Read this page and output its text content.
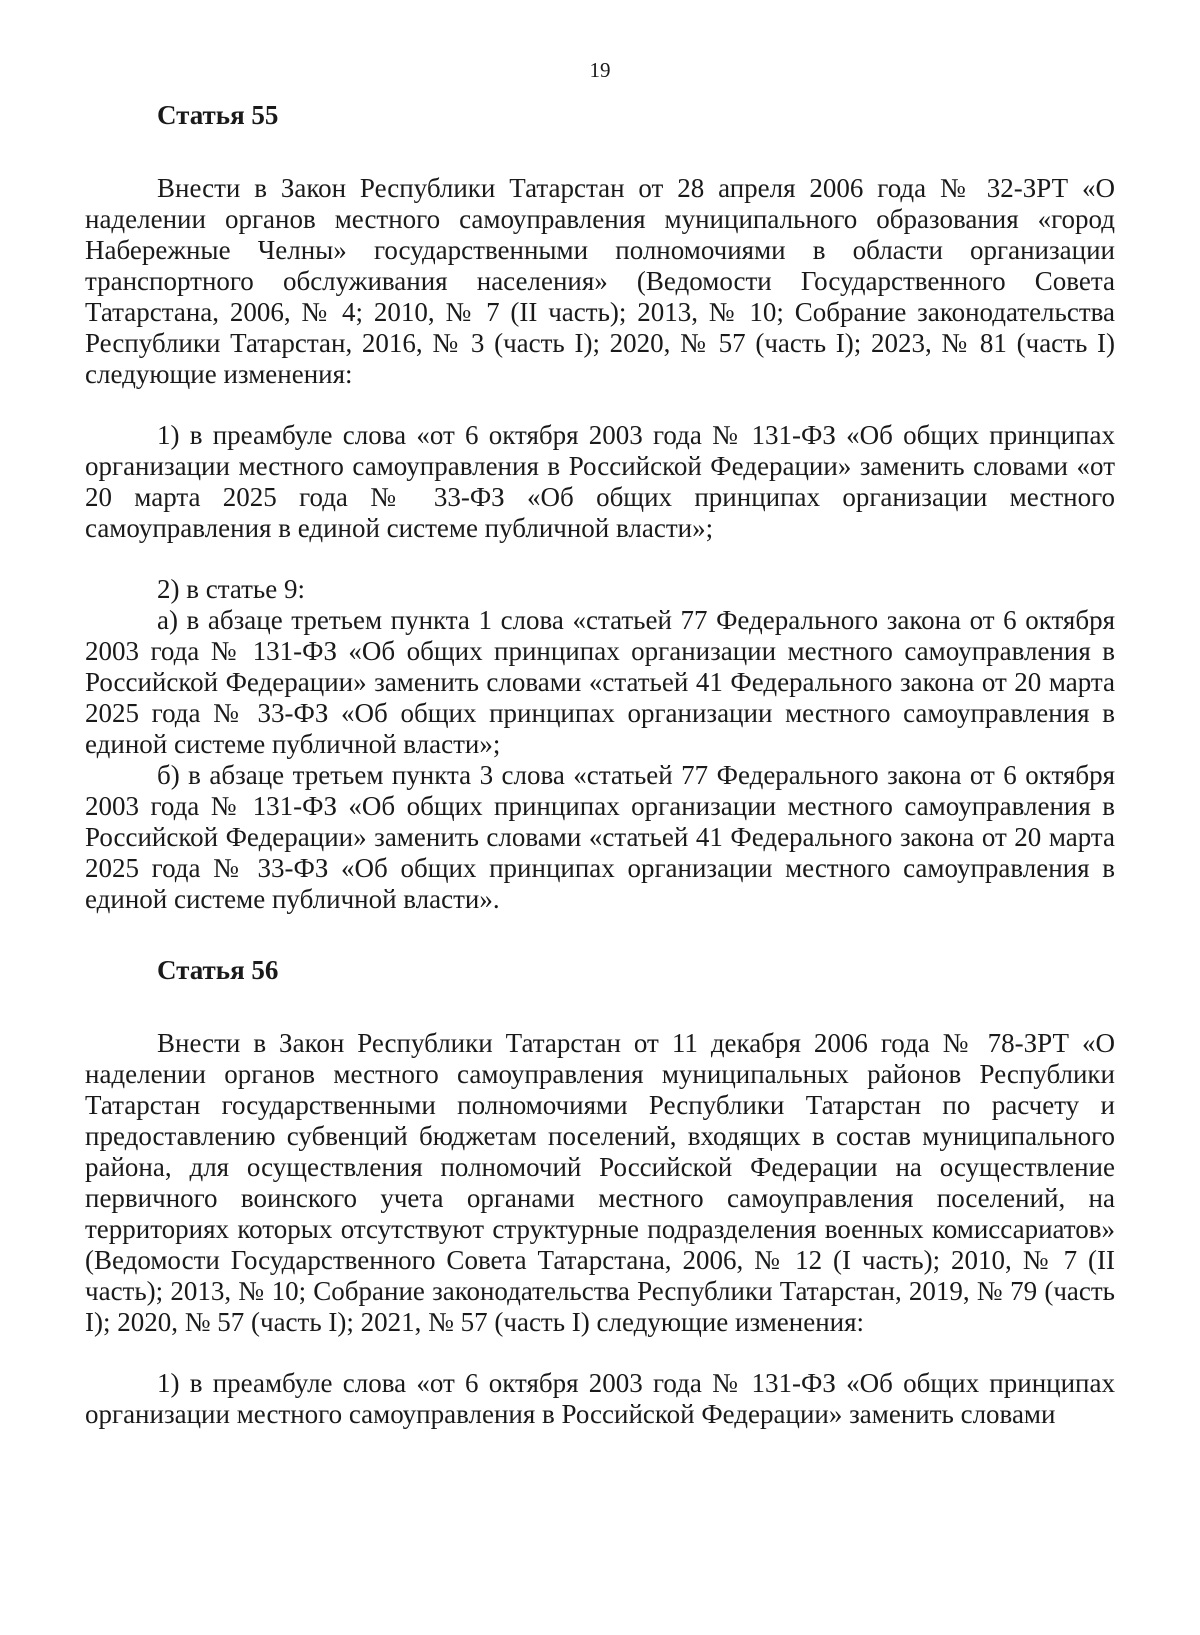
19

Статья 55

Внести в Закон Республики Татарстан от 28 апреля 2006 года № 32-ЗРТ «О наделении органов местного самоуправления муниципального образования «город Набережные Челны» государственными полномочиями в области организации транспортного обслуживания населения» (Ведомости Государственного Совета Татарстана, 2006, № 4; 2010, № 7 (II часть); 2013, № 10; Собрание законодательства Республики Татарстан, 2016, № 3 (часть I); 2020, № 57 (часть I); 2023, № 81 (часть I) следующие изменения:

1) в преамбуле слова «от 6 октября 2003 года № 131-ФЗ «Об общих принципах организации местного самоуправления в Российской Федерации» заменить словами «от 20 марта 2025 года № 33-ФЗ «Об общих принципах организации местного самоуправления в единой системе публичной власти»;

2) в статье 9:

а) в абзаце третьем пункта 1 слова «статьей 77 Федерального закона от 6 октября 2003 года № 131-ФЗ «Об общих принципах организации местного самоуправления в Российской Федерации» заменить словами «статьей 41 Федерального закона от 20 марта 2025 года № 33-ФЗ «Об общих принципах организации местного самоуправления в единой системе публичной власти»;

б) в абзаце третьем пункта 3 слова «статьей 77 Федерального закона от 6 октября 2003 года № 131-ФЗ «Об общих принципах организации местного самоуправления в Российской Федерации» заменить словами «статьей 41 Федерального закона от 20 марта 2025 года № 33-ФЗ «Об общих принципах организации местного самоуправления в единой системе публичной власти».

Статья 56

Внести в Закон Республики Татарстан от 11 декабря 2006 года № 78-ЗРТ «О наделении органов местного самоуправления муниципальных районов Республики Татарстан государственными полномочиями Республики Татарстан по расчету и предоставлению субвенций бюджетам поселений, входящих в состав муниципального района, для осуществления полномочий Российской Федерации на осуществление первичного воинского учета органами местного самоуправления поселений, на территориях которых отсутствуют структурные подразделения военных комиссариатов» (Ведомости Государственного Совета Татарстана, 2006, № 12 (I часть); 2010, № 7 (II часть); 2013, № 10; Собрание законодательства Республики Татарстан, 2019, № 79 (часть I); 2020, № 57 (часть I); 2021, № 57 (часть I) следующие изменения:

1) в преамбуле слова «от 6 октября 2003 года № 131-ФЗ «Об общих принципах организации местного самоуправления в Российской Федерации» заменить словами
